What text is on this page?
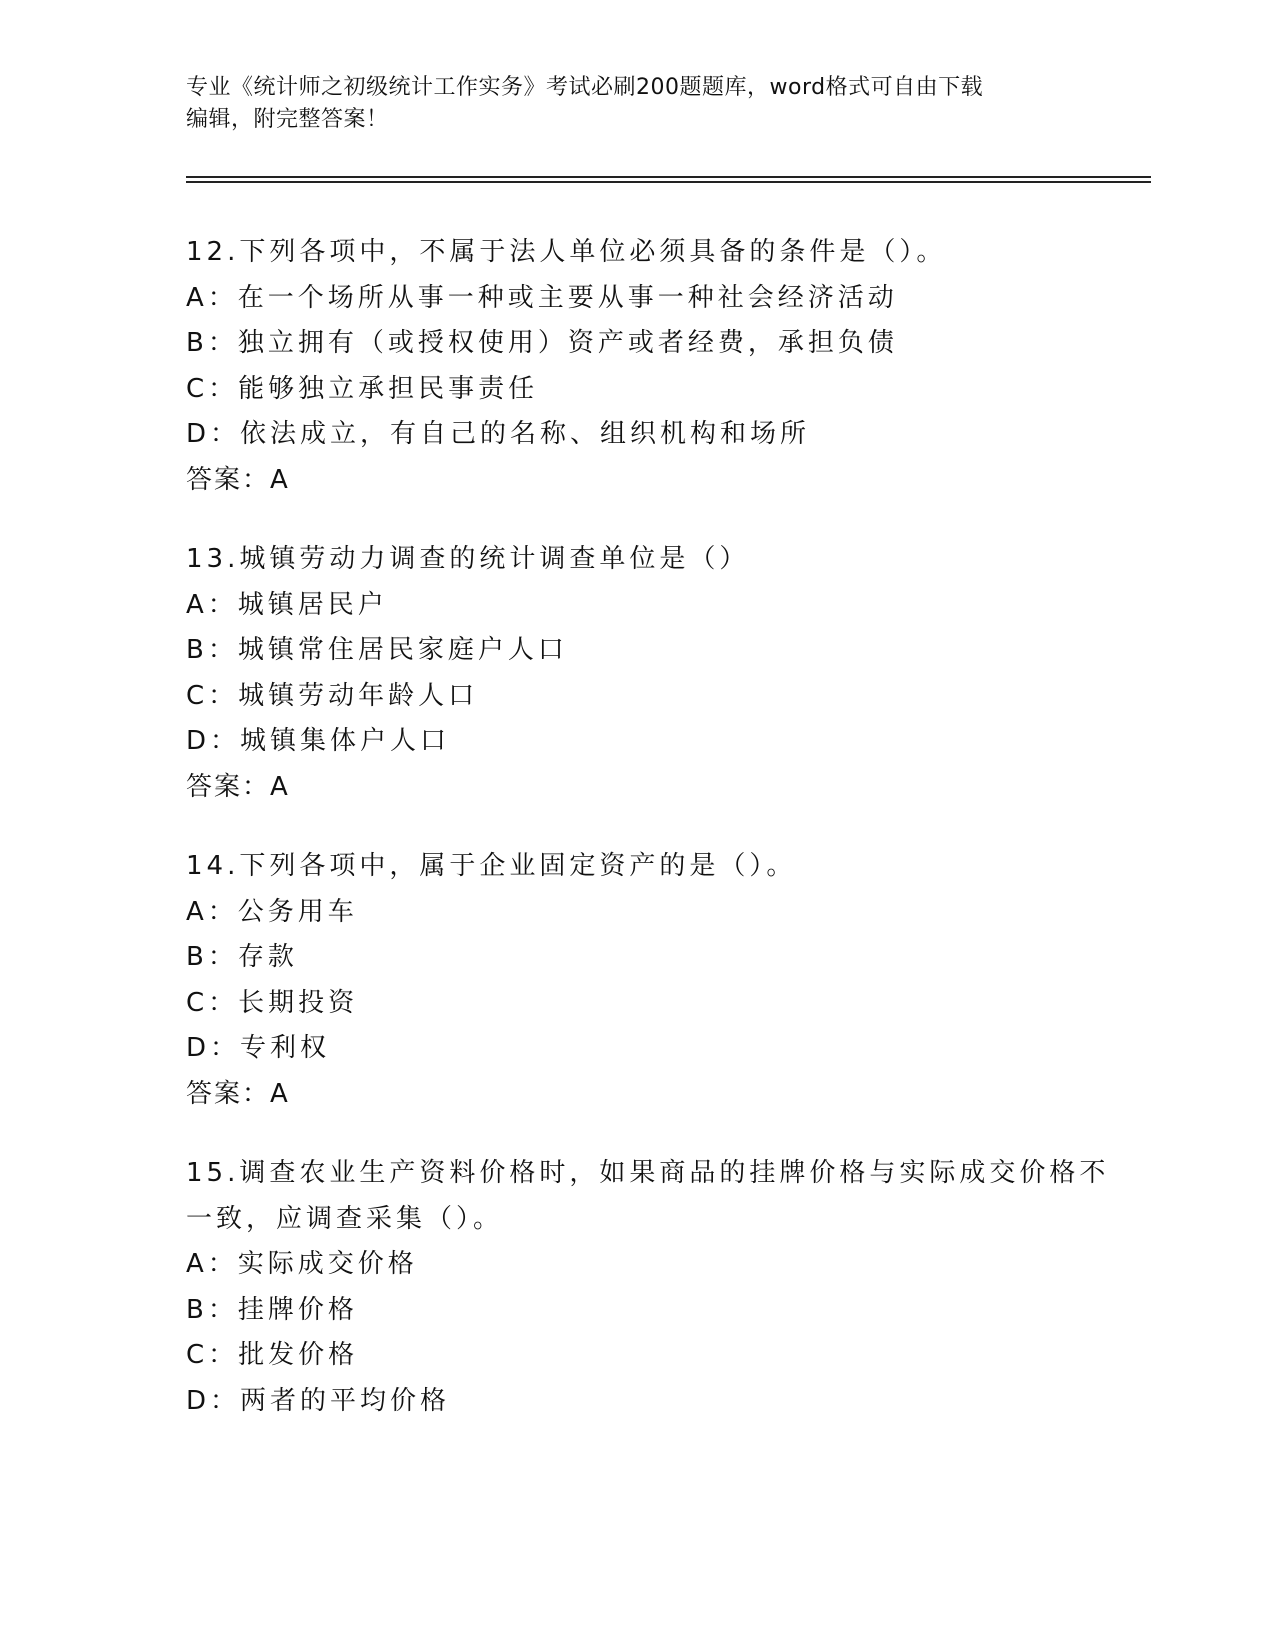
专业《统计师之初级统计工作实务》考试必刷200题题库，word格式可自由下载

编辑，附完整答案！

12.下列各项中，不属于法人单位必须具备的条件是（）。
A：在一个场所从事一种或主要从事一种社会经济活动
B：独立拥有（或授权使用）资产或者经费，承担负债
C：能够独立承担民事责任
D：依法成立，有自己的名称、组织机构和场所
答案：A
13.城镇劳动力调查的统计调查单位是（）
A：城镇居民户
B：城镇常住居民家庭户人口
C：城镇劳动年龄人口
D：城镇集体户人口
答案：A
14.下列各项中，属于企业固定资产的是（）。
A：公务用车
B：存款
C：长期投资
D：专利权
答案：A
15.调查农业生产资料价格时，如果商品的挂牌价格与实际成交价格不
一致，应调查采集（）。
A：实际成交价格
B：挂牌价格
C：批发价格
D：两者的平均价格
